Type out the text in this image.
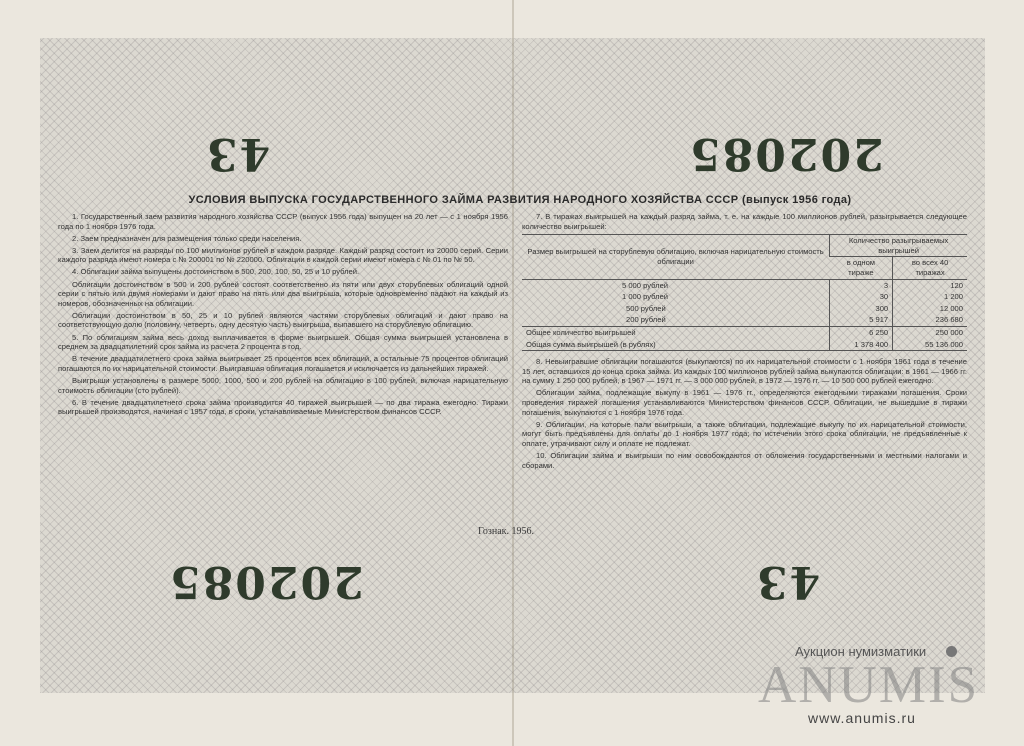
43	202085
УСЛОВИЯ ВЫПУСКА ГОСУДАРСТВЕННОГО ЗАЙМА РАЗВИТИЯ НАРОДНОГО ХОЗЯЙСТВА СССР (выпуск 1956 года)

1. Государственный заем развития народного хозяйства СССР (выпуск 1956 года) выпущен на 20 лет — с 1 ноября 1956 года по 1 ноября 1976 года.

2. Заем предназначен для размещения только среди населения.

3. Заем делится на разряды по 100 миллионов рублей в каждом разряде. Каждый разряд состоит из 20000 серий. Серии каждого разряда имеют номера с № 200001 по № 220000. Облигации в каждой серии имеют номера с № 01 по № 50.

4. Облигации займа выпущены достоинством в 500, 200, 100, 50, 25 и 10 рублей.

Облигации достоинством в 500 и 200 рублей состоят соответственно из пяти или двух сторублевых облигаций одной серии с пятью или двумя номерами и дают право на пять или два выигрыша, которые одновременно падают на каждый из номеров, обозначенных на облигации.

Облигации достоинством в 50, 25 и 10 рублей являются частями сторублевых облигаций и дают право на соответствующую долю (половину, четверть, одну десятую часть) выигрыша, выпавшего на сторублевую облигацию.

5. По облигациям займа весь доход выплачивается в форме выигрышей. Общая сумма выигрышей установлена в среднем за двадцатилетний срок займа из расчета 2 процента в год.

В течение двадцатилетнего срока займа выигрывает 25 процентов всех облигаций, а остальные 75 процентов облигаций погашаются по их нарицательной стоимости. Выигравшая облигация погашается и исключается из дальнейших тиражей.

Выигрыши установлены в размере 5000, 1000, 500 и 200 рублей на облигацию в 100 рублей, включая нарицательную стоимость облигации (сто рублей).

6. В течение двадцатилетнего срока займа производится 40 тиражей выигрышей — по два тиража ежегодно. Тиражи выигрышей производятся, начиная с 1957 года, в сроки, устанавливаемые Министерством финансов СССР.

7. В тиражах выигрышей на каждый разряд займа, т. е. на каждые 100 миллионов рублей, разыгрывается следующее количество выигрышей:

Размер выигрышей на сторублевую облигацию, включая нарицательную стоимость облигации	Количество разыгрываемых выигрышей	
	в одном тираже	во всех 40 тиражах
5 000 рублей	3	120
1 000 рублей	30	1 200
500 рублей	300	12 000
200 рублей	5 917	236 680
Общее количество выигрышей	6 250	250 000
Общая сумма выигрышей (в рублях)	1 378 400	55 136 000

8. Невыигравшие облигации погашаются (выкупаются) по их нарицательной стоимости с 1 ноября 1961 года в течение 15 лет, оставшихся до конца срока займа. Из каждых 100 миллионов рублей займа выкупаются облигации: в 1961 — 1966 гг. на сумму 1 250 000 рублей, в 1967 — 1971 гг. — 3 000 000 рублей, в 1972 — 1976 гг. — 10 500 000 рублей ежегодно.

Облигации займа, подлежащие выкупу в 1961 — 1976 гг., определяются ежегодными тиражами погашения. Сроки проведения тиражей погашения устанавливаются Министерством финансов СССР. Облигации, не вышедшие в тиражи погашения, выкупаются с 1 ноября 1976 года.

9. Облигации, на которые пали выигрыши, а также облигации, подлежащие выкупу по их нарицательной стоимости, могут быть предъявлены для оплаты до 1 ноября 1977 года; по истечении этого срока облигации, не предъявленные к оплате, утрачивают силу и оплате не подлежат.

10. Облигации займа и выигрыши по ним освобождаются от обложения государственными и местными налогами и сборами.

Гознак. 1956.
202085	43
Аукцион нумизматики
ANUMIS
www.anumis.ru
